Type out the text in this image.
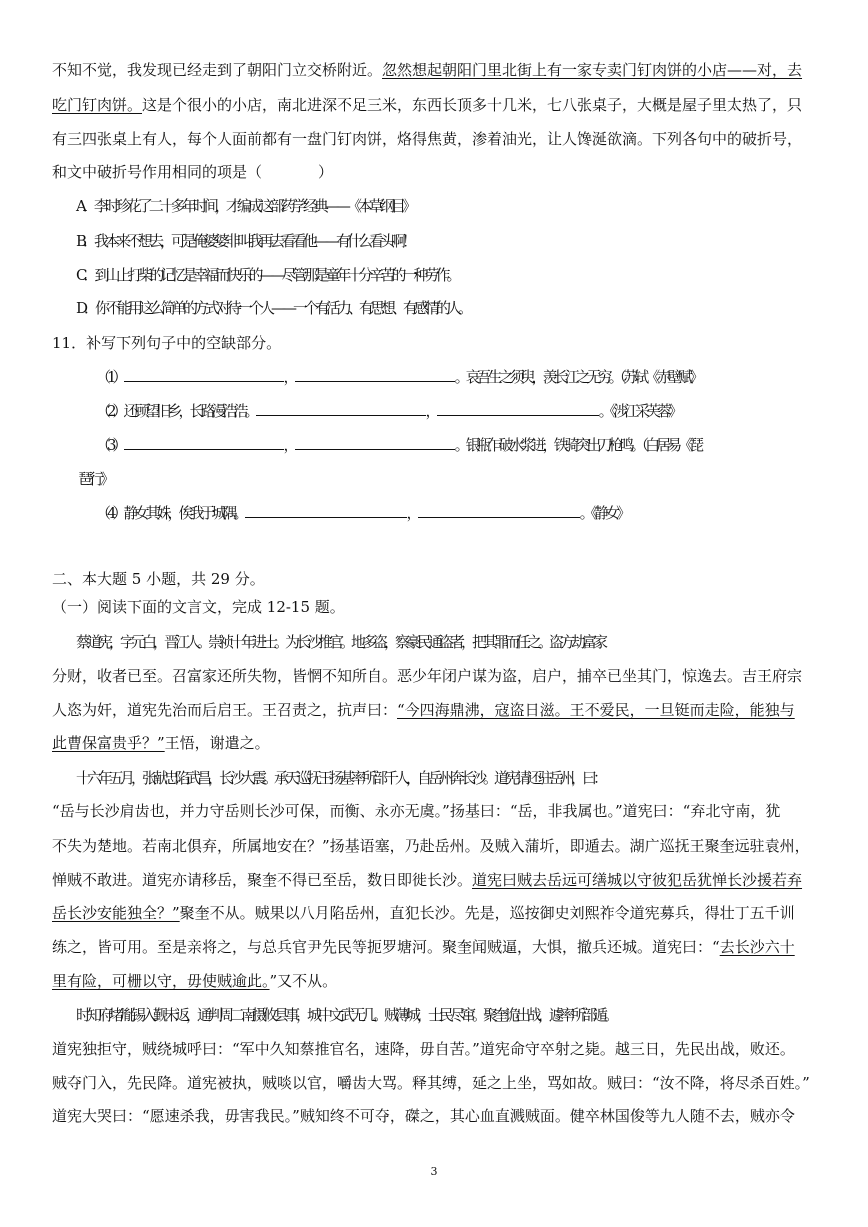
不知不觉，我发现已经走到了朝阳门立交桥附近。忽然想起朝阳门里北街上有一家专卖门钉肉饼的小店——对，去
吃门钉肉饼。这是个很小的小店，南北进深不足三米，东西长顶多十几米，七八张桌子，大概是屋子里太热了，只
有三四张桌上有人，每个人面前都有一盘门钉肉饼，烙得焦黄，渗着油光，让人馋涎欲滴。下列各句中的破折号，
和文中破折号作用相同的项是（	）
A．李时珍花了二十多年时间，才编成这部药学经典——《本草纲目》
B．我本来不想去，可是俺婆婆非叫我再去看看他——有什么看头啊！
C．到山上打柴的记忆是幸福而快乐的——尽管那是童年十分辛苦的一种劳作。
D．你不能用这么简单的方式对待一个人——一个有活力、有思想、有感情的人。
11．补写下列句子中的空缺部分。
（1）	，	。哀吾生之须臾，羡长江之无穷。（苏轼《赤壁赋》
（2）还顾望旧乡，长路漫浩浩。	，	。《涉江采芙蓉》
（3）	，	。银瓶乍破水浆迸，铁骑突出刀枪鸣。（白居易《琵
琶行》
（4）静女其姝，俟我于城隅。	，	。《静女》
二、本大题 5 小题，共 29 分。
（一）阅读下面的文言文，完成 12-15 题。
蔡道宪，字元白，晋江人。崇祯十年进士。为长沙推官。地多盗，察豪民通盗者，把其罪而任之。盗方劫富家
分财，收者已至。召富家还所失物，皆惘不知所自。恶少年闭户谋为盗，启户，捕卒已坐其门，惊逸去。吉王府宗
人恣为奸，道宪先治而后启王。王召责之，抗声曰：“今四海鼎沸，寇盗日滋。王不爱民，一旦铤而走险，能独与
此曹保富贵乎？”王悟，谢遣之。
十六年五月，张献忠陷武昌，长沙大震。承天巡抚王扬基率所部千人，自岳州奔长沙。道宪请还驻岳州，曰：
“岳与长沙肩齿也，并力守岳则长沙可保，而衡、永亦无虞。”扬基曰：“岳，非我属也。”道宪曰：“弃北守南，犹
不失为楚地。若南北俱弃，所属地安在？”扬基语塞，乃赴岳州。及贼入蒲圻，即遁去。湖广巡抚王聚奎远驻袁州，
惮贼不敢进。道宪亦请移岳，聚奎不得已至岳，数日即徙长沙。道宪曰贼去岳远可缮城以守彼犯岳犹惮长沙援若弃
岳长沙安能独全？”聚奎不从。贼果以八月陷岳州，直犯长沙。先是，巡按御史刘熙祚令道宪募兵，得壮丁五千训
练之，皆可用。至是亲将之，与总兵官尹先民等扼罗塘河。聚奎闻贼逼，大惧，撤兵还城。道宪曰：“去长沙六十
里有险，可栅以守，毋使贼逾此。”又不从。
时知府堵胤锡入觐未返，通判周二南摄攸县事，城中文武无几。贼薄城，士民尽窜。聚奎诡出战，遽率所部遁。
道宪独拒守，贼绕城呼曰：“军中久知蔡推官名，速降，毋自苦。”道宪命守卒射之毙。越三日，先民出战，败还。
贼夺门入，先民降。道宪被执，贼啖以官，嚼齿大骂。释其缚，延之上坐，骂如故。贼曰：“汝不降，将尽杀百姓。”
道宪大哭曰：“愿速杀我，毋害我民。”贼知终不可夺，磔之，其心血直溅贼面。健卒林国俊等九人随不去，贼亦令
3
